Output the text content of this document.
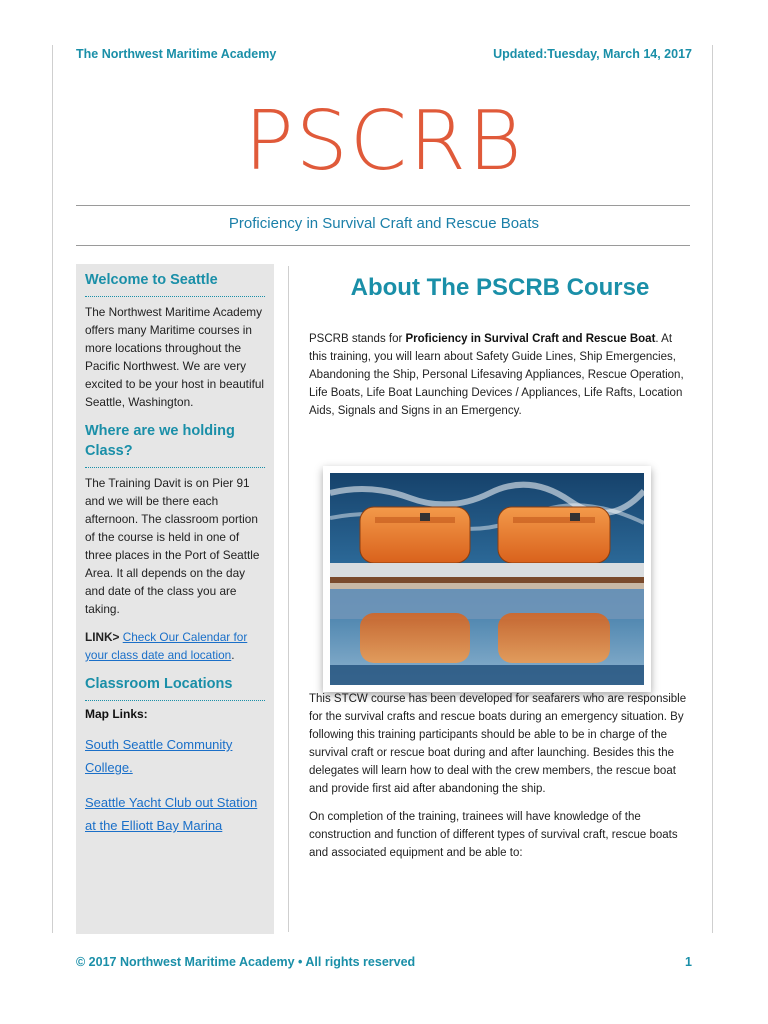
The Northwest Maritime Academy	Updated:Tuesday, March 14, 2017
PSCRB
Proficiency in Survival Craft and Rescue Boats
Welcome to Seattle

The Northwest Maritime Academy offers many Maritime courses in more locations throughout the Pacific Northwest. We are very excited to be your host in beautiful Seattle, Washington.

Where are we holding Class?

The Training Davit is on Pier 91 and we will be there each afternoon. The classroom portion of the course is held in one of three places in the Port of Seattle Area. It all depends on the day and date of the class you are taking.

LINK> Check Our Calendar for your class date and location.

Classroom Locations
Map Links:
South Seattle Community College.
Seattle Yacht Club out Station at the Elliott Bay Marina
About The PSCRB Course

PSCRB stands for Proficiency in Survival Craft and Rescue Boat. At this training, you will learn about Safety Guide Lines, Ship Emergencies, Abandoning the Ship, Personal Lifesaving Appliances, Rescue Operation, Life Boats, Life Boat Launching Devices / Appliances, Life Rafts, Location Aids, Signals and Signs in an Emergency.

This STCW course has been developed for seafarers who are responsible for the survival crafts and rescue boats during an emergency situation. By following this training participants should be able to be in charge of the survival craft or rescue boat during and after launching. Besides this the delegates will learn how to deal with the crew members, the rescue boat and provide first aid after abandoning the ship.

On completion of the training, trainees will have knowledge of the construction and function of different types of survival craft, rescue boats and associated equipment and be able to:

© 2017 Northwest Maritime Academy • All rights reserved	1
